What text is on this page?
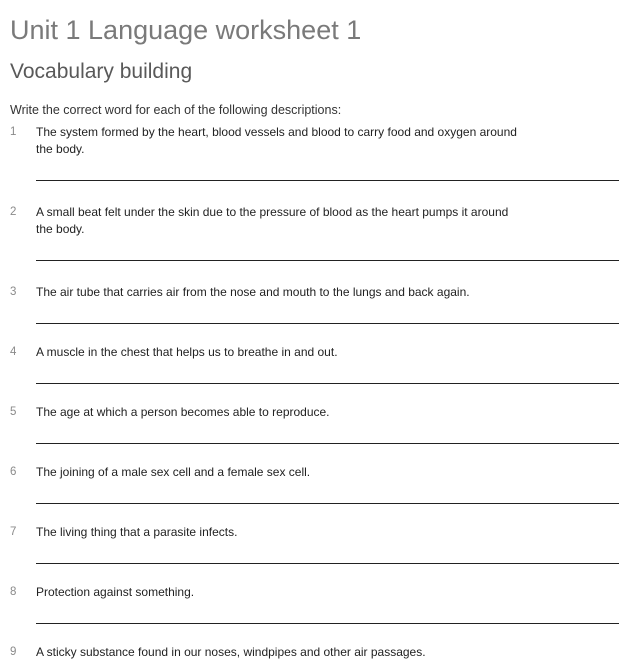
Unit 1 Language worksheet 1
Vocabulary building

Write the correct word for each of the following descriptions:

1	The system formed by the heart, blood vessels and blood to carry food and oxygen around the body.
2	A small beat felt under the skin due to the pressure of blood as the heart pumps it around the body.
3	The air tube that carries air from the nose and mouth to the lungs and back again.
4	A muscle in the chest that helps us to breathe in and out.
5	The age at which a person becomes able to reproduce.
6	The joining of a male sex cell and a female sex cell.
7	The living thing that a parasite infects.
8	Protection against something.
9	A sticky substance found in our noses, windpipes and other air passages.
